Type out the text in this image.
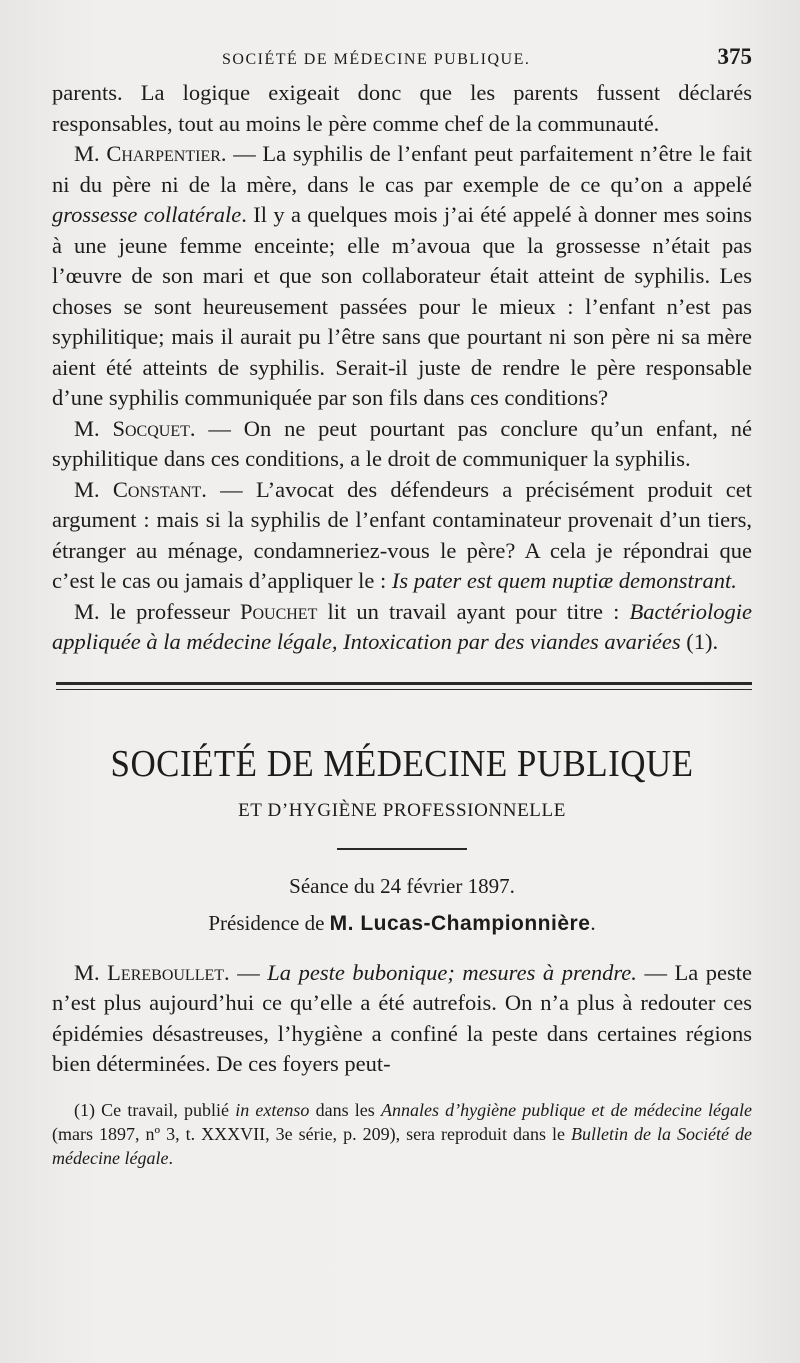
SOCIÉTÉ DE MÉDECINE PUBLIQUE.	375

parents. La logique exigeait donc que les parents fussent déclarés responsables, tout au moins le père comme chef de la communauté.

M. Charpentier. — La syphilis de l’enfant peut parfaitement n’être le fait ni du père ni de la mère, dans le cas par exemple de ce qu’on a appelé grossesse collatérale. Il y a quelques mois j’ai été appelé à donner mes soins à une jeune femme enceinte; elle m’avoua que la grossesse n’était pas l’œuvre de son mari et que son collaborateur était atteint de syphilis. Les choses se sont heureusement passées pour le mieux : l’enfant n’est pas syphilitique; mais il aurait pu l’être sans que pourtant ni son père ni sa mère aient été atteints de syphilis. Serait-il juste de rendre le père responsable d’une syphilis communiquée par son fils dans ces conditions?

M. Socquet. — On ne peut pourtant pas conclure qu’un enfant, né syphilitique dans ces conditions, a le droit de communiquer la syphilis.

M. Constant. — L’avocat des défendeurs a précisément produit cet argument : mais si la syphilis de l’enfant contaminateur provenait d’un tiers, étranger au ménage, condamneriez-vous le père? A cela je répondrai que c’est le cas ou jamais d’appliquer le : Is pater est quem nuptiæ demonstrant.

M. le professeur Pouchet lit un travail ayant pour titre : Bactériologie appliquée à la médecine légale, Intoxication par des viandes avariées (1).

SOCIÉTÉ DE MÉDECINE PUBLIQUE
ET D’HYGIÈNE PROFESSIONNELLE
Séance du 24 février 1897.
Présidence de M. Lucas-Championnière.

M. Lereboullet. — La peste bubonique; mesures à prendre. — La peste n’est plus aujourd’hui ce qu’elle a été autrefois. On n’a plus à redouter ces épidémies désastreuses, l’hygiène a confiné la peste dans certaines régions bien déterminées. De ces foyers peut-

(1) Ce travail, publié in extenso dans les Annales d’hygiène publique et de médecine légale (mars 1897, nº 3, t. XXXVII, 3e série, p. 209), sera reproduit dans le Bulletin de la Société de médecine légale.
